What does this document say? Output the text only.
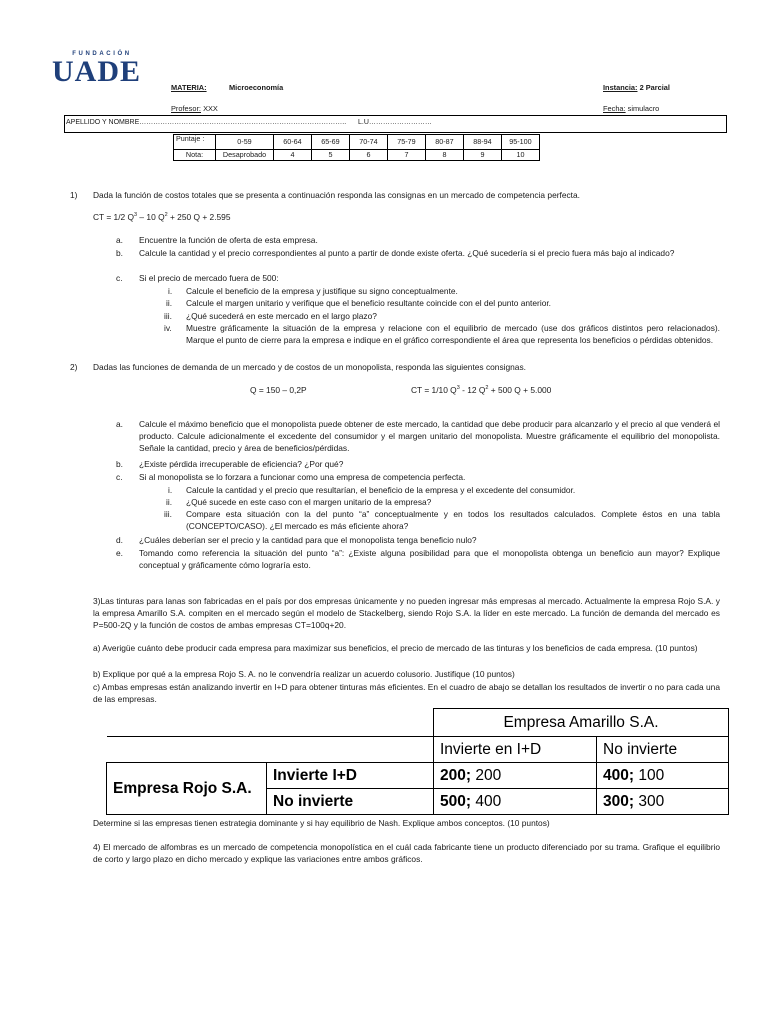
FUNDACIÓN
UADE	MATERIA:	Microeconomía	Instancia: 2 Parcial
Profesor: XXX	Fecha: simulacro
APELLIDO Y NOMBRE…………………………………………………………………………….. L.U………………………
Puntaje :	0-59	60-64	65-69	70-74	75-79	80-87	88-94	95-100
Nota:	Desaprobado	4	5	6	7	8	9	10
1) Dada la función de costos totales que se presenta a continuación responda las consignas en un mercado de competencia perfecta.
CT = 1/2 $Q^3 - 10$ $Q^2 + 250$ Q + 2.595
a. Encuentre la función de oferta de esta empresa.
b. Calcule la cantidad y el precio correspondientes al punto a partir de donde existe oferta. ¿Qué sucedería si el precio fuera más bajo al indicado?
c. Si el precio de mercado fuera de 500:
i. Calcule el beneficio de la empresa y justifique su signo conceptualmente.
ii. Calcule el margen unitario y verifique que el beneficio resultante coincide con el del punto anterior.
iii. ¿Qué sucederá en este mercado en el largo plazo?
iv. Muestre gráficamente la situación de la empresa y relacione con el equilibrio de mercado (use dos gráficos distintos pero relacionados). Marque el punto de cierre para la empresa e indique en el gráfico correspondiente el área que representa los beneficios o pérdidas obtenidos.
2) Dadas las funciones de demanda de un mercado y de costos de un monopolista, responda las siguientes consignas.
Q = 150 – 0,2P	CT = 1/10 $Q^3 - 12$ $Q^2 + 500$ Q + 5.000
a. Calcule el máximo beneficio que el monopolista puede obtener de este mercado, la cantidad que debe producir para alcanzarlo y el precio al que venderá el producto. Calcule adicionalmente el excedente del consumidor y el margen unitario del monopolista. Muestre gráficamente el equilibrio del monopolista. Señale la cantidad, precio y área de beneficios/pérdidas.
b. ¿Existe pérdida irrecuperable de eficiencia? ¿Por qué?
c. Si al monopolista se lo forzara a funcionar como una empresa de competencia perfecta.
i. Calcule la cantidad y el precio que resultarían, el beneficio de la empresa y el excedente del consumidor.
ii. ¿Qué sucede en este caso con el margen unitario de la empresa?
iii. Compare esta situación con la del punto “a” conceptualmente y en todos los resultados calculados. Complete éstos en una tabla (CONCEPTO/CASO). ¿El mercado es más eficiente ahora?
d. ¿Cuáles deberían ser el precio y la cantidad para que el monopolista tenga beneficio nulo?
e. Tomando como referencia la situación del punto “a”: ¿Existe alguna posibilidad para que el monopolista obtenga un beneficio aun mayor? Explique conceptual y gráficamente cómo lograría esto.
3)Las tinturas para lanas son fabricadas en el país por dos empresas únicamente y no pueden ingresar más empresas al mercado. Actualmente la empresa Rojo S.A. y la empresa Amarillo S.A. compiten en el mercado según el modelo de Stackelberg, siendo Rojo S.A. la líder en este mercado. La función de demanda del mercado es P=500-2Q y la función de costos de ambas empresas CT=100q+20.
a) Averigüe cuánto debe producir cada empresa para maximizar sus beneficios, el precio de mercado de las tinturas y los beneficios de cada empresa. (10 puntos)
b) Explique por qué a la empresa Rojo S. A. no le convendría realizar un acuerdo colusorio. Justifique (10 puntos)
c) Ambas empresas están analizando invertir en I+D para obtener tinturas más eficientes. En el cuadro de abajo se detallan los resultados de invertir o no para cada una de las empresas.
		Empresa Amarillo S.A.	
		Invierte en I+D	No invierte
Empresa Rojo S.A.	Invierte I+D	200; 200	400; 100
	No invierte	500; 400	300; 300
Determine si las empresas tienen estrategia dominante y si hay equilibrio de Nash. Explique ambos conceptos. (10 puntos)
4) El mercado de alfombras es un mercado de competencia monopolística en el cuál cada fabricante tiene un producto diferenciado por su trama. Grafique el equilibrio de corto y largo plazo en dicho mercado y explique las variaciones entre ambos gráficos.
